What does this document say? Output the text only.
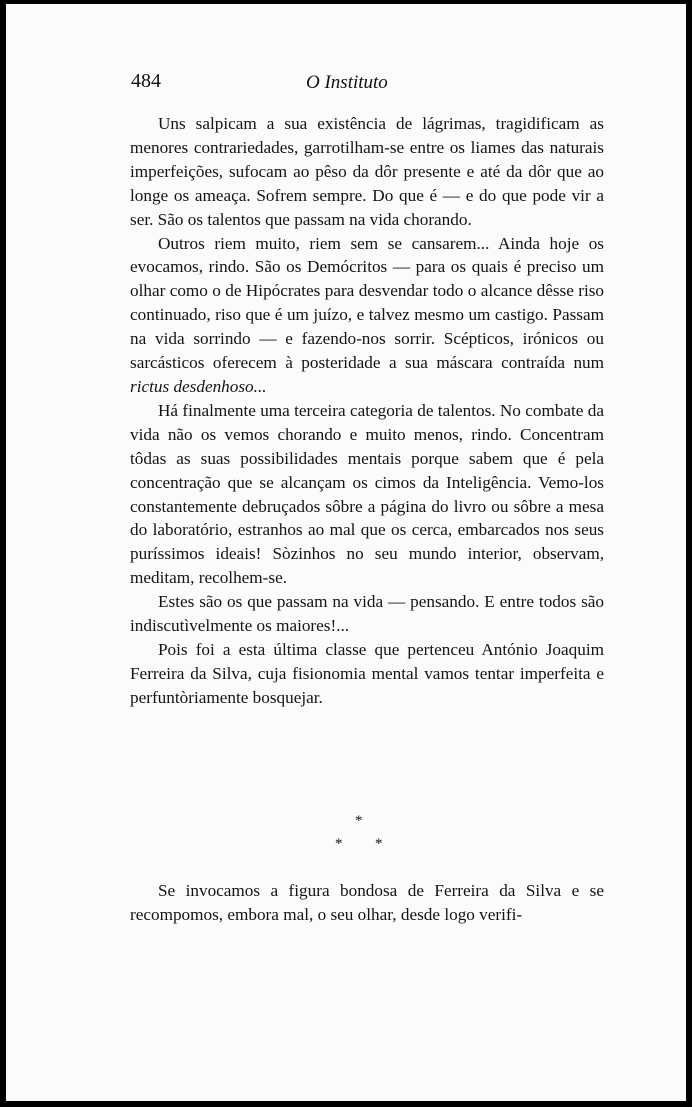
484	O Instituto

Uns salpicam a sua existência de lágrimas, tragidificam as menores contrariedades, garrotilham-se entre os liames das naturais imperfeições, sufocam ao pêso da dôr presente e até da dôr que ao longe os ameaça. Sofrem sempre. Do que é — e do que pode vir a ser. São os talentos que passam na vida chorando.

Outros riem muito, riem sem se cansarem... Ainda hoje os evocamos, rindo. São os Demócritos — para os quais é preciso um olhar como o de Hipócrates para desvendar todo o alcance dêsse riso continuado, riso que é um juízo, e talvez mesmo um castigo. Passam na vida sorrindo — e fazendo-nos sorrir. Scépticos, irónicos ou sarcásticos oferecem à posteridade a sua máscara contraída num rictus desdenhoso...

Há finalmente uma terceira categoria de talentos. No combate da vida não os vemos chorando e muito menos, rindo. Concentram tôdas as suas possibilidades mentais porque sabem que é pela concentração que se alcançam os cimos da Inteligência. Vemo-los constantemente debruçados sôbre a página do livro ou sôbre a mesa do laboratório, estranhos ao mal que os cerca, embarcados nos seus puríssimos ideais! Sòzinhos no seu mundo interior, observam, meditam, recolhem-se.

Estes são os que passam na vida — pensando. E entre todos são indiscutìvelmente os maiores!...

Pois foi a esta última classe que pertenceu António Joaquim Ferreira da Silva, cuja fisionomia mental vamos tentar imperfeita e perfuntòriamente bosquejar.

*
* *

Se invocamos a figura bondosa de Ferreira da Silva e se recompomos, embora mal, o seu olhar, desde logo verifi-
